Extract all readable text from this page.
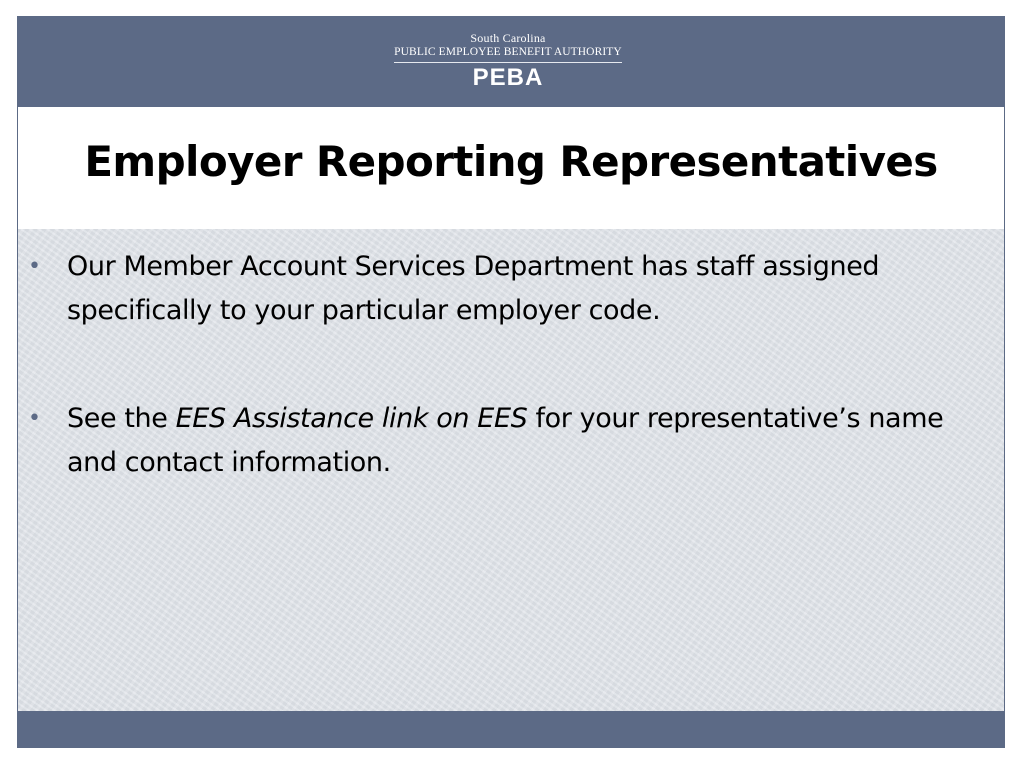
South Carolina
PUBLIC EMPLOYEE BENEFIT AUTHORITY
PEBA
Employer Reporting Representatives
• Our Member Account Services Department has staff assigned specifically to your particular employer code.
• See the EES Assistance link on EES for your representative’s name and contact information.
